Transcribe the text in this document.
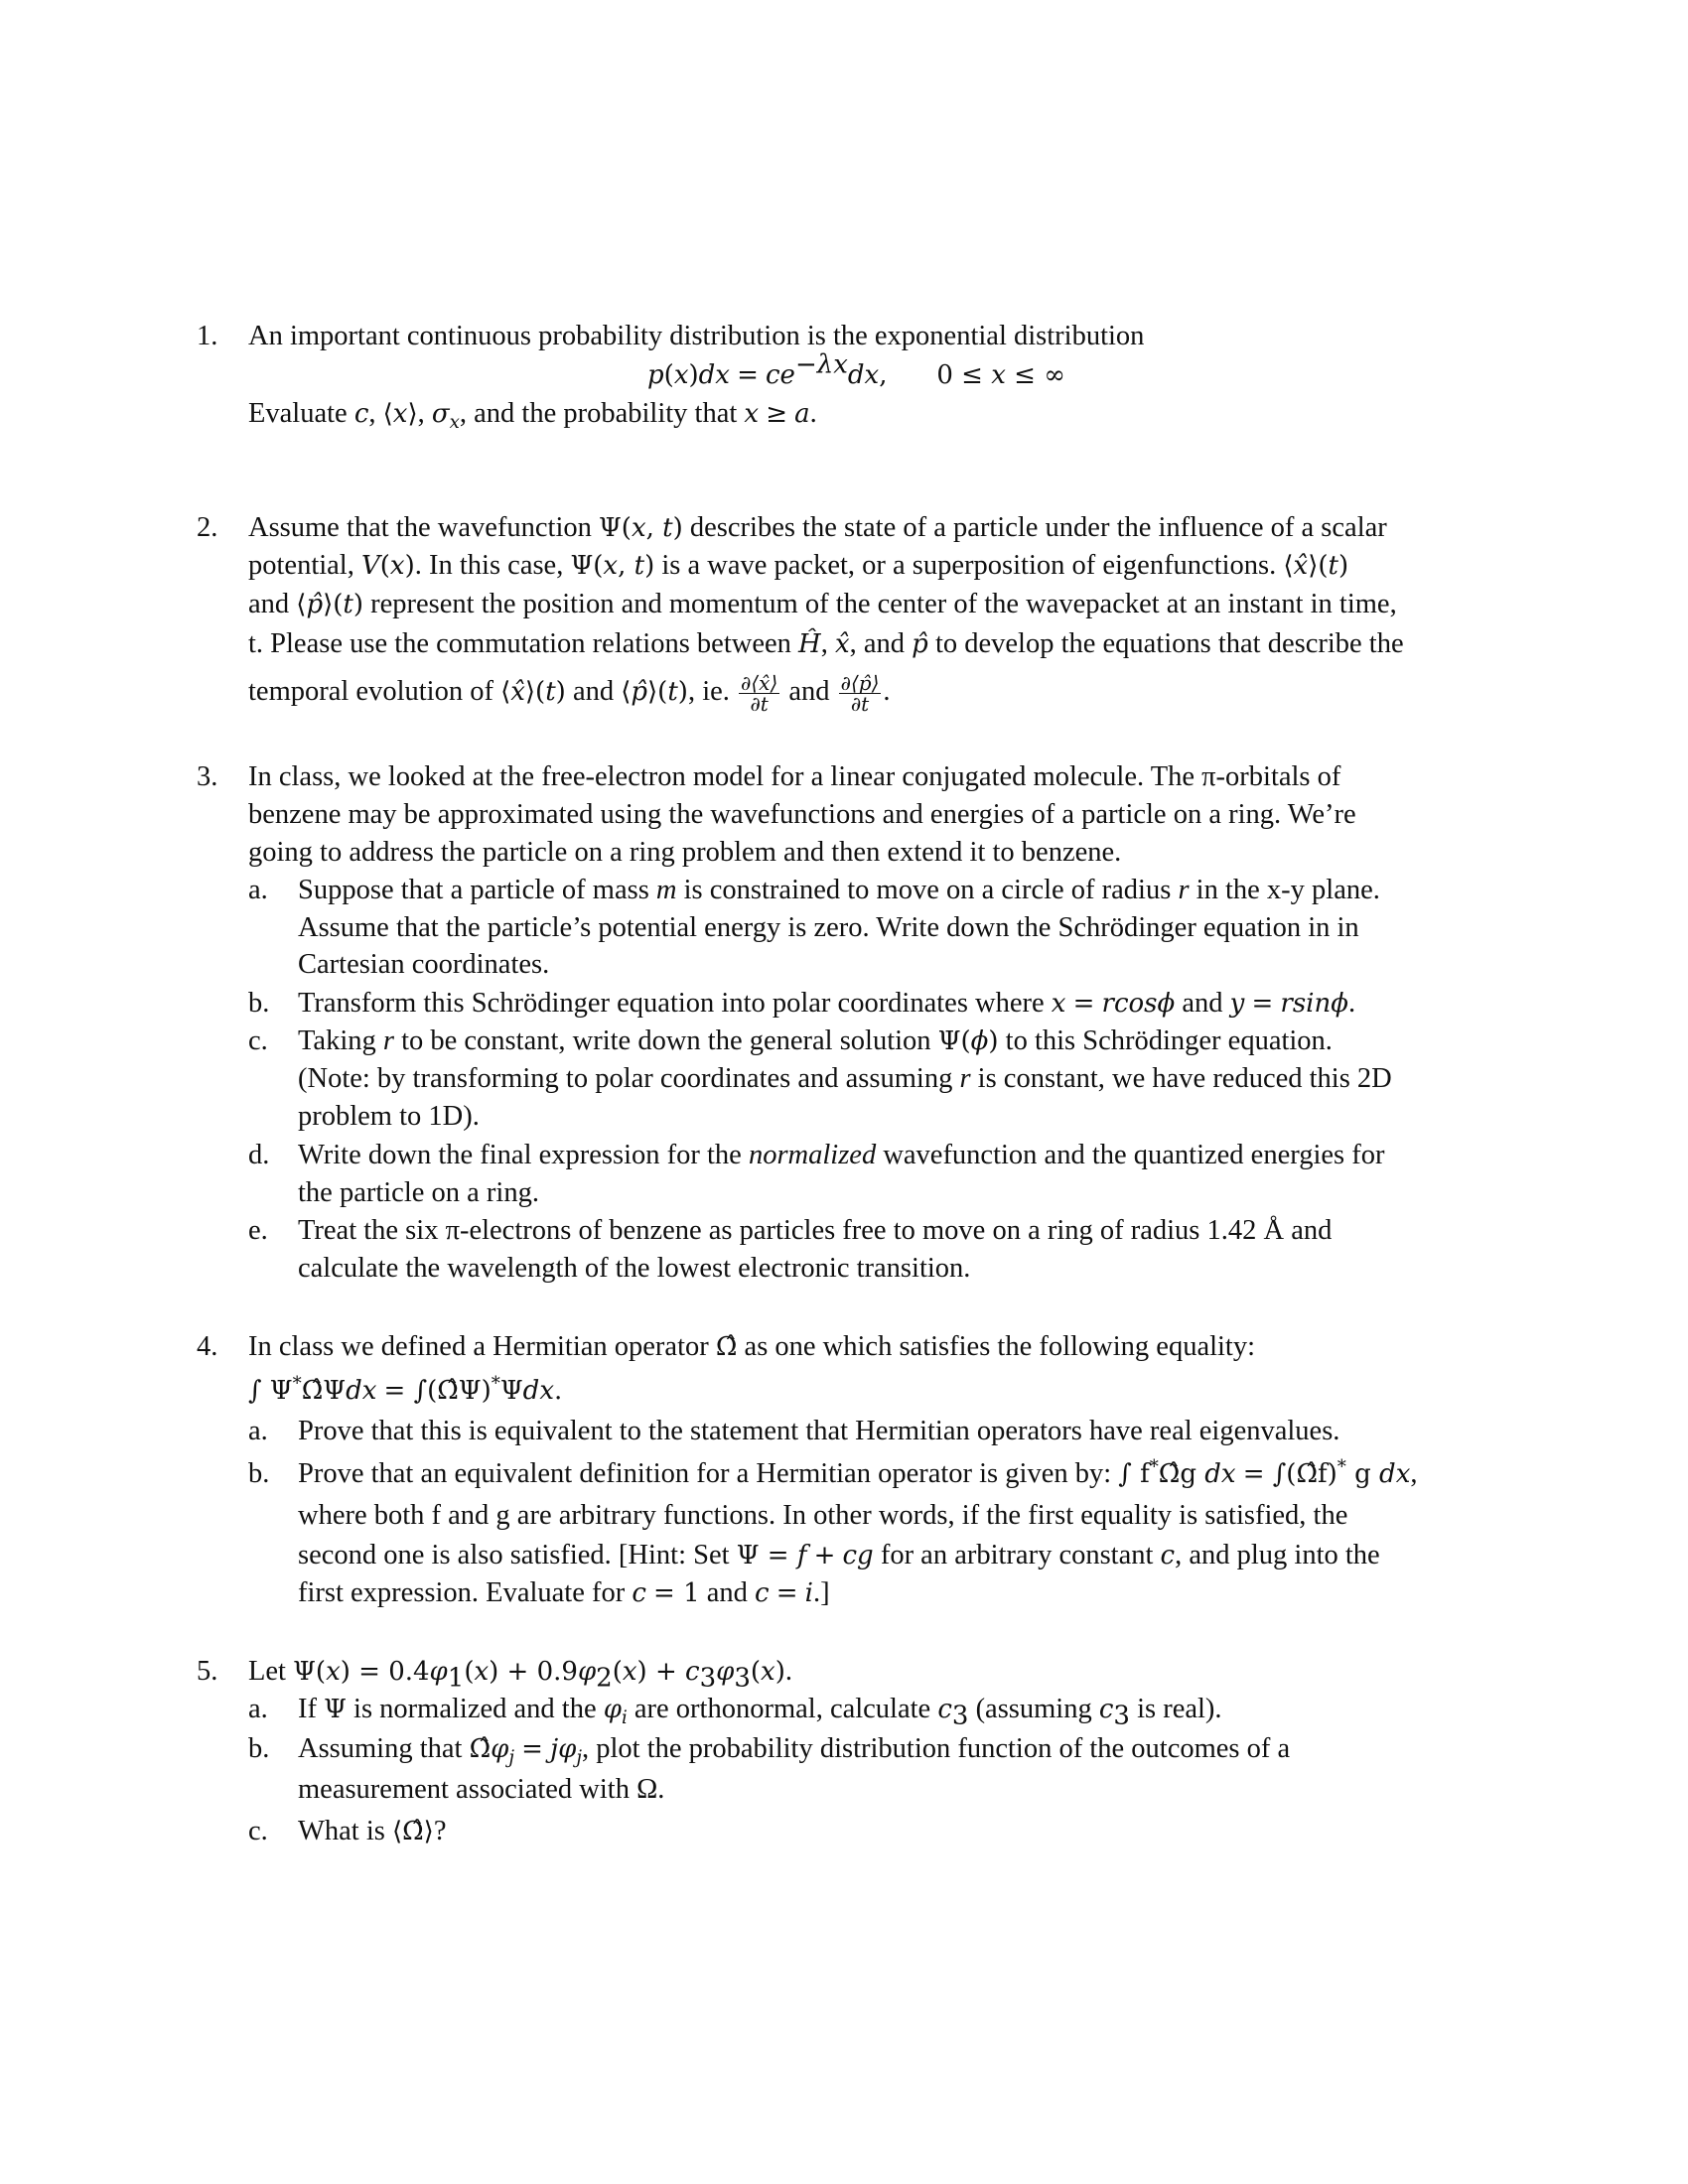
1. An important continuous probability distribution is the exponential distribution
$p(x)dx = ce^{-\lambda x}dx$, 0 ≤ x ≤ ∞
Evaluate c, ⟨x⟩, $\sigma_x$, and the probability that x ≥ a.
2. Assume that the wavefunction Ψ(x, t) describes the state of a particle under the influence of a scalar
potential, V(x). In this case, Ψ(x, t) is a wave packet, or a superposition of eigenfunctions. ⟨x̂⟩(t)
and ⟨p̂⟩(t) represent the position and momentum of the center of the wavepacket at an instant in time,
t. Please use the commutation relations between Ĥ, x̂, and p̂ to develop the equations that describe the
temporal evolution of ⟨x̂⟩(t) and ⟨p̂⟩(t), ie. $\frac{\partial⟨x̂⟩}{\partial t}$ and $\frac{\partial⟨p̂⟩}{\partial t}$ .
3. In class, we looked at the free-electron model for a linear conjugated molecule. The π-orbitals of
benzene may be approximated using the wavefunctions and energies of a particle on a ring. We’re
going to address the particle on a ring problem and then extend it to benzene.
a. Suppose that a particle of mass m is constrained to move on a circle of radius r in the x-y plane.
Assume that the particle’s potential energy is zero. Write down the Schrödinger equation in in
Cartesian coordinates.
b. Transform this Schrödinger equation into polar coordinates where x = rcosϕ and y = rsinϕ.
c. Taking r to be constant, write down the general solution Ψ(ϕ) to this Schrödinger equation.
(Note: by transforming to polar coordinates and assuming r is constant, we have reduced this 2D
problem to 1D).
d. Write down the final expression for the normalized wavefunction and the quantized energies for
the particle on a ring.
e. Treat the six π-electrons of benzene as particles free to move on a ring of radius 1.42 Å and
calculate the wavelength of the lowest electronic transition.
4. In class we defined a Hermitian operator Ω̂ as one which satisfies the following equality:
∫ Ψ*Ω̂Ψdx = ∫(Ω̂Ψ)*Ψdx.
a. Prove that this is equivalent to the statement that Hermitian operators have real eigenvalues.
b. Prove that an equivalent definition for a Hermitian operator is given by: ∫ f*Ω̂g dx = ∫(Ω̂f)* g dx,
where both f and g are arbitrary functions. In other words, if the first equality is satisfied, the
second one is also satisfied. [Hint: Set Ψ = f + cg for an arbitrary constant c, and plug into the
first expression. Evaluate for c = 1 and c = i.]
5. Let $\Psi(x) = 0.4\varphi_1(x) + 0.9\varphi_2(x) + c_3\varphi_3(x)$.
a. If Ψ is normalized and the $\varphi_i$ are orthonormal, calculate $c_3$ (assuming $c_3$ is real).
b. Assuming that $\Omegâ\varphi_j = j\varphi_j$, plot the probability distribution function of the outcomes of a
measurement associated with Ω.
c. What is ⟨Ω̂⟩?
